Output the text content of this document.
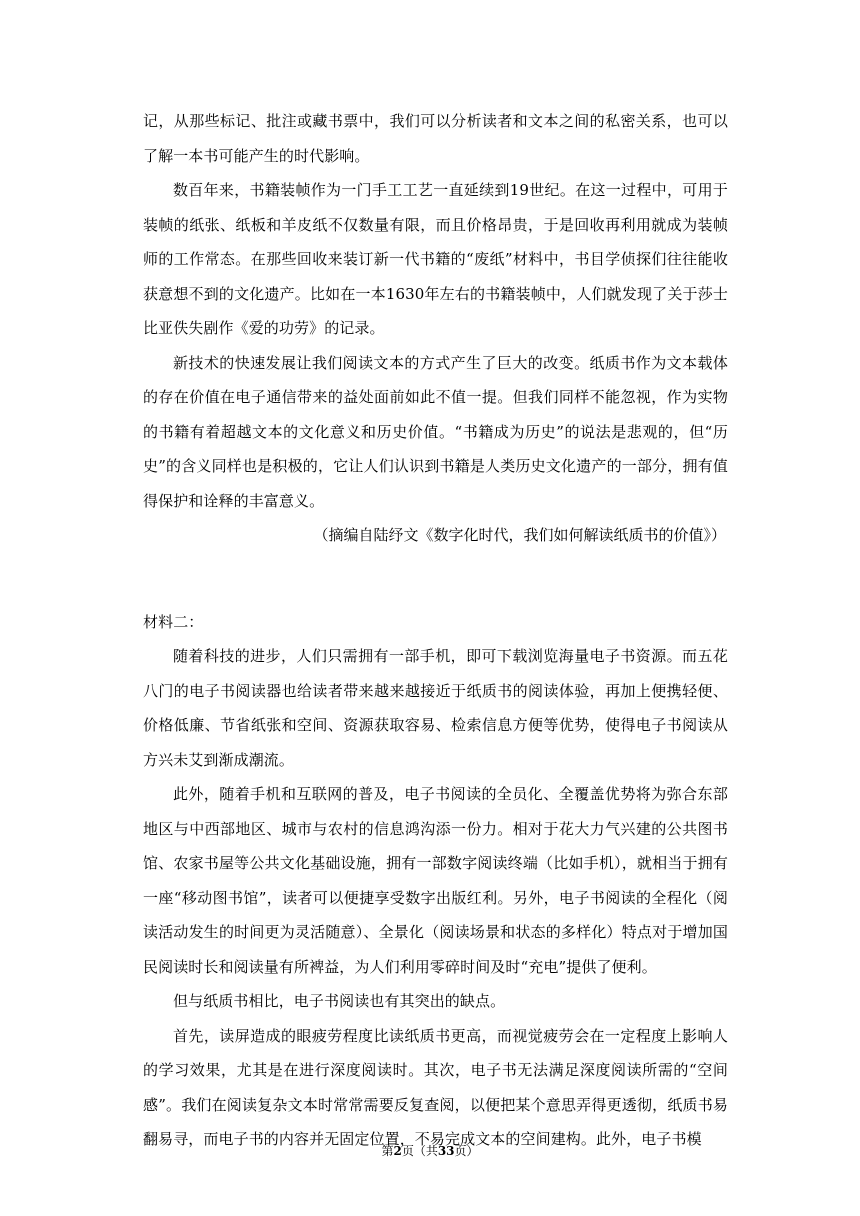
记，从那些标记、批注或藏书票中，我们可以分析读者和文本之间的私密关系，也可以了解一本书可能产生的时代影响。

数百年来，书籍装帧作为一门手工工艺一直延续到19世纪。在这一过程中，可用于装帧的纸张、纸板和羊皮纸不仅数量有限，而且价格昂贵，于是回收再利用就成为装帧师的工作常态。在那些回收来装订新一代书籍的“废纸”材料中，书目学侦探们往往能收获意想不到的文化遗产。比如在一本1630年左右的书籍装帧中，人们就发现了关于莎士比亚佚失剧作《爱的功劳》的记录。

新技术的快速发展让我们阅读文本的方式产生了巨大的改变。纸质书作为文本载体的存在价值在电子通信带来的益处面前如此不值一提。但我们同样不能忽视，作为实物的书籍有着超越文本的文化意义和历史价值。“书籍成为历史”的说法是悲观的，但“历史”的含义同样也是积极的，它让人们认识到书籍是人类历史文化遗产的一部分，拥有值得保护和诠释的丰富意义。

（摘编自陆纾文《数字化时代，我们如何解读纸质书的价值》）

材料二：

随着科技的进步，人们只需拥有一部手机，即可下载浏览海量电子书资源。而五花八门的电子书阅读器也给读者带来越来越接近于纸质书的阅读体验，再加上便携轻便、价格低廉、节省纸张和空间、资源获取容易、检索信息方便等优势，使得电子书阅读从方兴未艾到渐成潮流。

此外，随着手机和互联网的普及，电子书阅读的全员化、全覆盖优势将为弥合东部地区与中西部地区、城市与农村的信息鸿沟添一份力。相对于花大力气兴建的公共图书馆、农家书屋等公共文化基础设施，拥有一部数字阅读终端（比如手机），就相当于拥有一座“移动图书馆”，读者可以便捷享受数字出版红利。另外，电子书阅读的全程化（阅读活动发生的时间更为灵活随意）、全景化（阅读场景和状态的多样化）特点对于增加国民阅读时长和阅读量有所裨益，为人们利用零碎时间及时“充电”提供了便利。

但与纸质书相比，电子书阅读也有其突出的缺点。

首先，读屏造成的眼疲劳程度比读纸质书更高，而视觉疲劳会在一定程度上影响人的学习效果，尤其是在进行深度阅读时。其次，电子书无法满足深度阅读所需的“空间感”。我们在阅读复杂文本时常常需要反复查阅，以便把某个意思弄得更透彻，纸质书易翻易寻，而电子书的内容并无固定位置，不易完成文本的空间建构。此外，电子书模

第2页（共33页）
